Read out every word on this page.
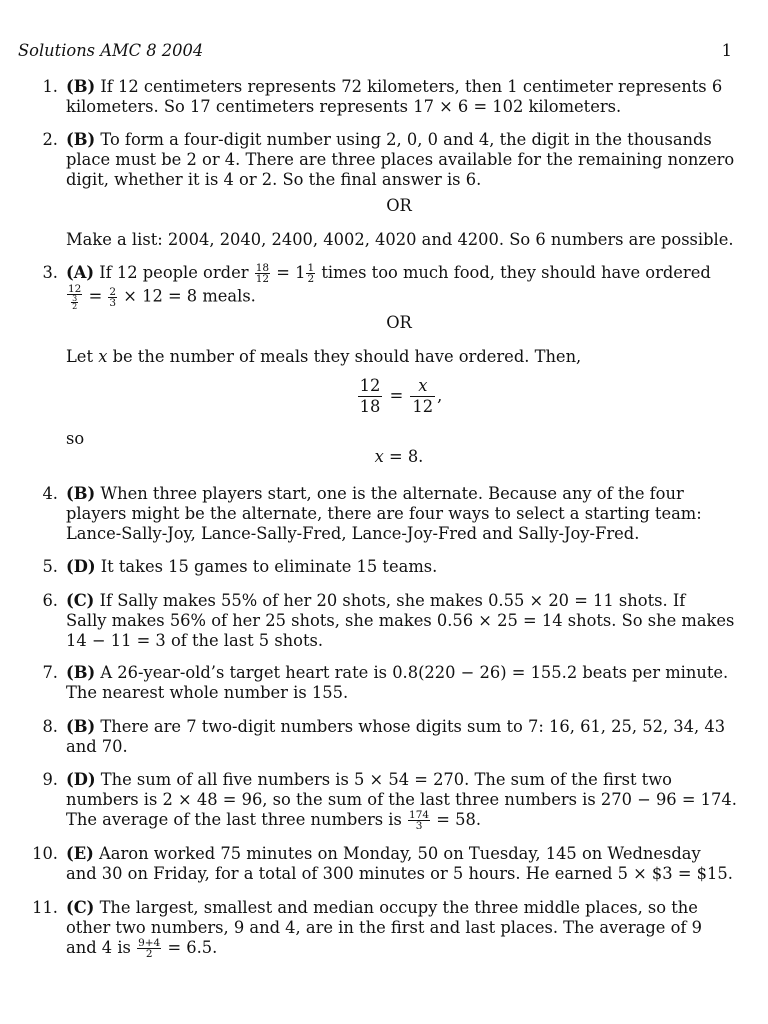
Solutions AMC 8 2004	1
1. (B) If 12 centimeters represents 72 kilometers, then 1 centimeter represents 6
kilometers. So 17 centimeters represents 17 × 6 = 102 kilometers.
2. (B) To form a four-digit number using 2, 0, 0 and 4, the digit in the thousands
place must be 2 or 4. There are three places available for the remaining nonzero
digit, whether it is 4 or 2. So the final answer is 6.
OR
Make a list: 2004, 2040, 2400, 4002, 4020 and 4200. So 6 numbers are possible.
3. (A) If 12 people order $\frac{18}{12} = 1 \frac{1}{2}$ times too much food, they should have ordered
$\frac{12}{\frac{3}{2}} = \frac{2}{3} \times 12 = 8$ meals.
OR
Let x be the number of meals they should have ordered. Then,
$\frac{12}{18} = \frac{x}{12}$ ,
so
x = 8.
4. (B) When three players start, one is the alternate. Because any of the four
players might be the alternate, there are four ways to select a starting team:
Lance-Sally-Joy, Lance-Sally-Fred, Lance-Joy-Fred and Sally-Joy-Fred.
5. (D) It takes 15 games to eliminate 15 teams.
6. (C) If Sally makes 55% of her 20 shots, she makes 0.55 × 20 = 11 shots. If
Sally makes 56% of her 25 shots, she makes 0.56 × 25 = 14 shots. So she makes
14 − 11 = 3 of the last 5 shots.
7. (B) A 26-year-old’s target heart rate is 0.8(220 − 26) = 155.2 beats per minute.
The nearest whole number is 155.
8. (B) There are 7 two-digit numbers whose digits sum to 7: 16, 61, 25, 52, 34, 43
and 70.
9. (D) The sum of all five numbers is 5 × 54 = 270. The sum of the first two
numbers is 2 × 48 = 96, so the sum of the last three numbers is 270 − 96 = 174.
The average of the last three numbers is $\frac{174}{3} = 58$.
10. (E) Aaron worked 75 minutes on Monday, 50 on Tuesday, 145 on Wednesday
and 30 on Friday, for a total of 300 minutes or 5 hours. He earned 5 × $3 = $15.
11. (C) The largest, smallest and median occupy the three middle places, so the
other two numbers, 9 and 4, are in the first and last places. The average of 9
and 4 is $\frac{9+4}{2} = 6.5$.
